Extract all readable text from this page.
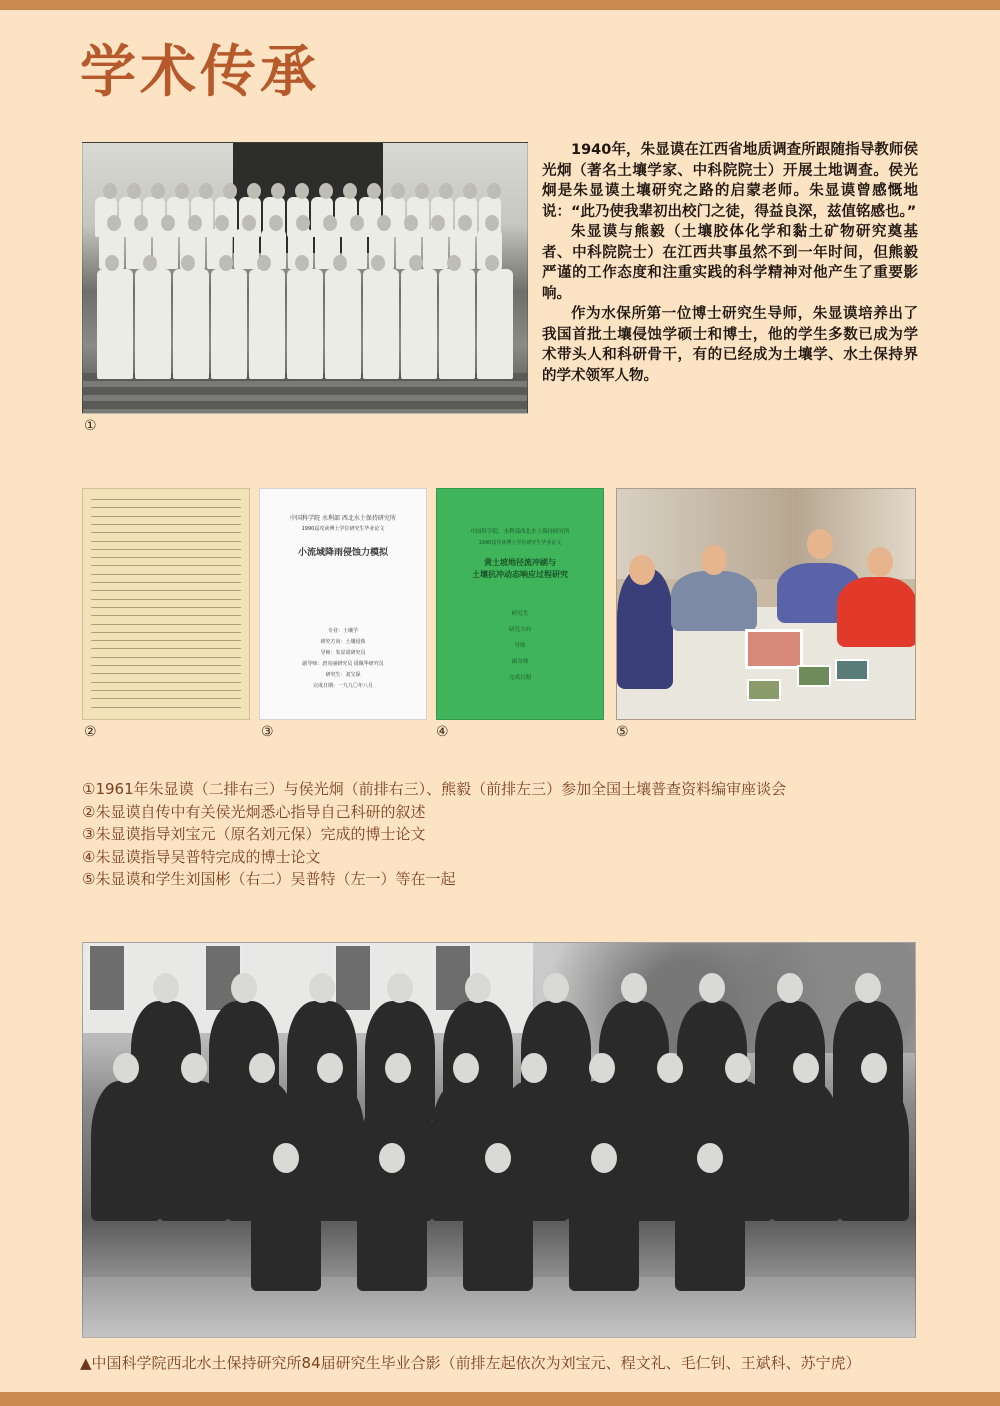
学术传承
①

1940年，朱显谟在江西省地质调查所跟随指导教师侯光炯（著名土壤学家、中科院院士）开展土地调查。侯光炯是朱显谟土壤研究之路的启蒙老师。朱显谟曾感慨地说：“此乃使我辈初出校门之徒，得益良深，兹值铭感也。”

朱显谟与熊毅（土壤胶体化学和黏土矿物研究奠基者、中科院院士）在江西共事虽然不到一年时间，但熊毅严谨的工作态度和注重实践的科学精神对他产生了重要影响。

作为水保所第一位博士研究生导师，朱显谟培养出了我国首批土壤侵蚀学硕士和博士，他的学生多数已成为学术带头人和科研骨干，有的已经成为土壤学、水土保持界的学术领军人物。

②
中国科学院 水利部 西北水土保持研究所
1990届攻读博士学位研究生毕业论文
小流域降雨侵蚀力模拟
专业：土壤学
研究方向：土壤侵蚀
导师：朱显谟研究员
副导师：唐克丽研究员 周佩华研究员
研究生：刘宝保
完成日期：一九九〇年八月
③
中国科学院、水利部西北水土保持研究所
1990届攻读博士学位研究生毕业论文
黄土坡地径流冲刷与
土壤抗冲动态响应过程研究
研究生
研究方向
导师
副导师
完成日期
④	⑤
①1961年朱显谟（二排右三）与侯光炯（前排右三）、熊毅（前排左三）参加全国土壤普查资料编审座谈会
②朱显谟自传中有关侯光炯悉心指导自己科研的叙述
③朱显谟指导刘宝元（原名刘元保）完成的博士论文
④朱显谟指导吴普特完成的博士论文
⑤朱显谟和学生刘国彬（右二）吴普特（左一）等在一起
▲中国科学院西北水土保持研究所84届研究生毕业合影（前排左起依次为刘宝元、程文礼、毛仁钊、王斌科、苏宁虎）
